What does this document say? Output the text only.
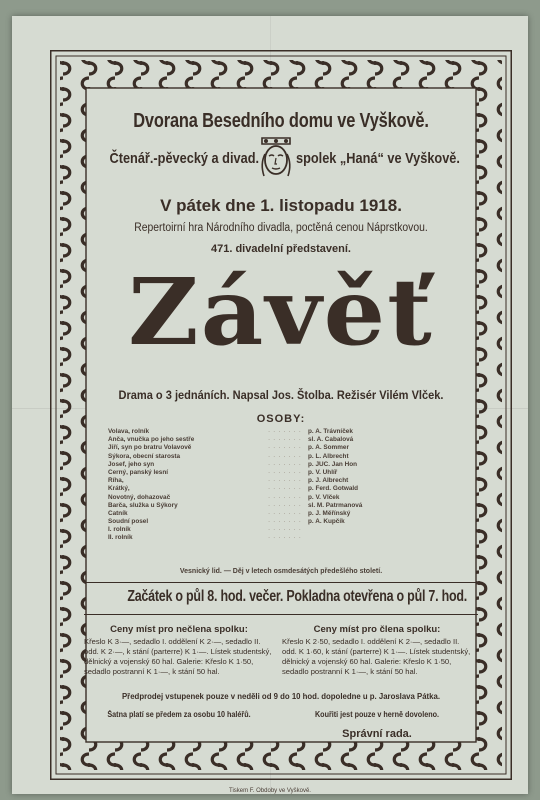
Dvorana Besedního domu ve Vyškově.
Čtenář.-pěvecký a divad. spolek „Haná“ ve Vyškově.
V pátek dne 1. listopadu 1918.
Repertoirní hra Národního divadla, poctěná cenou Náprstkovou.
471. divadelní představení.
Závěť
Drama o 3 jednáních. Napsal Jos. Štolba. Režisér Vilém Vlček.
OSOBY:
Volava, rolník	······· p. A. Trávníček
Anča, vnučka po jeho sestře	······· sl. A. Čabalová
Jiří, syn po bratru Volavově	······· p. A. Sommer
Sýkora, obecní starosta	······· p. L. Albrecht
Josef, jeho syn	······· p. JUC. Jan Hon
Černý, panský lesní	······· p. V. Uhlíř
Říha,	······· p. J. Albrecht
Krátký,	······· p. Ferd. Gotwald
Novotný, dohazovač	······· p. V. Vlček
Barča, služka u Sýkory	······· sl. M. Patrmanová
Čatník	······· p. J. Měřínský
Soudní posel	······· p. A. Kupčík
I. rolník	·······
II. rolník	·······
Vesnický lid. — Děj v letech osmdesátých předešlého století.
Začátek o půl 8. hod. večer. Pokladna otevřena o půl 7. hod.
Ceny míst pro nečlena spolku:
Křeslo K 3·—, sedadlo I. oddělení K 2·—, sedadlo II. odd. K 2·—, k stání (parterre) K 1·—. Lístek studentský, dělnický a vojenský 60 hal. Galerie: Křeslo K 1·50, sedadlo postranní K 1·—, k stání 50 hal.
Ceny míst pro člena spolku:
Křeslo K 2·50, sedadlo I. oddělení K 2·—, sedadlo II. odd. K 1·60, k stání (parterre) K 1·—. Lístek studentský, dělnický a vojenský 60 hal. Galerie: Křeslo K 1·50, sedadlo postranní K 1·—, k stání 50 hal.
Předprodej vstupenek pouze v neděli od 9 do 10 hod. dopoledne u p. Jaroslava Pátka.
Šatna platí se předem za osobu 10 haléřů.	Kouřiti jest pouze v herně dovoleno.
Správní rada.
Tiskem F. Obdoby ve Vyškově.
